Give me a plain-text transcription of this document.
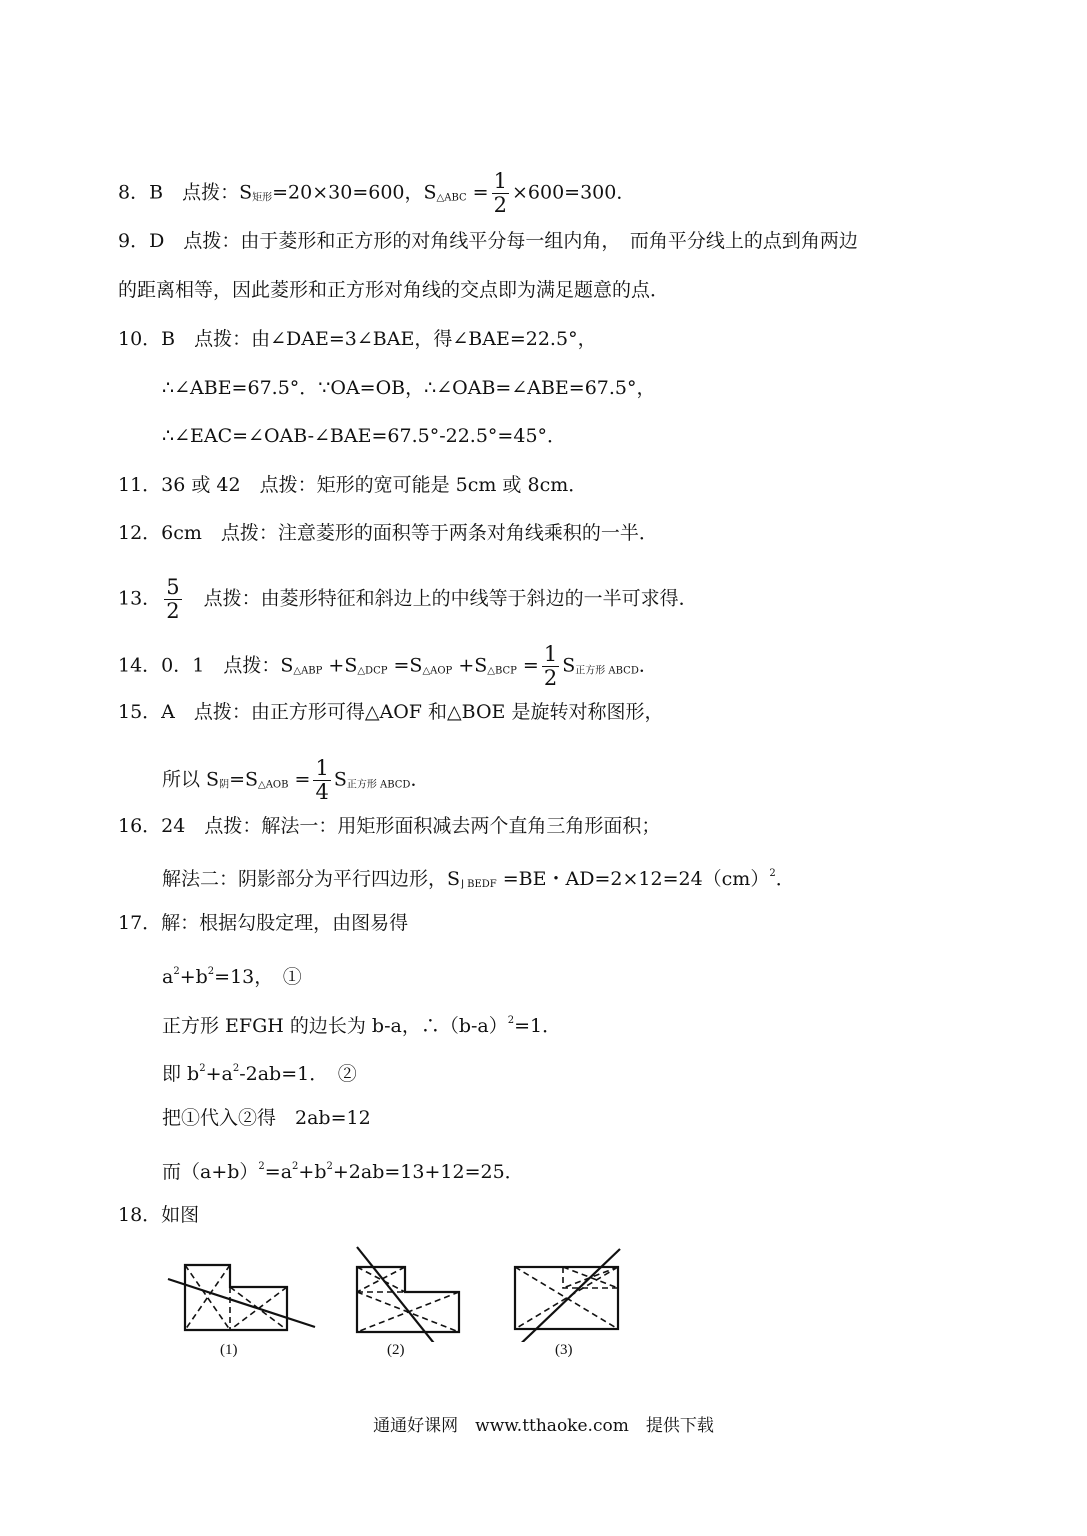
8．B　 点拨：$S_{矩形}=20\times 30=600$，$S_{\triangle ABC} = \frac{1}{2} \times 600=300$．
9．D　点拨：由于菱形和正方形的对角线平分每一组内角，　而角平分线上的点到角两边
的距离相等，因此菱形和正方形对角线的交点即为满足题意的点．
10．B　点拨：由∠DAE=3∠BAE，得∠BAE=22.5°，
∴∠ABE=67.5°．∵OA=OB，∴∠OAB=∠ABE=67.5°，
∴∠EAC=∠OAB-∠BAE=67.5°-22.5°=45°．
11．36 或 42　点拨：矩形的宽可能是 5cm 或 8cm．
12．6cm　点拨：注意菱形的面积等于两条对角线乘积的一半．
13． $\frac{5}{2}$
　 点拨：由菱形特征和斜边上的中线等于斜边的一半可求得．
14．0．1　点拨：$S_{\triangle ABP} +S_{\triangle DCP} =S_{\triangle AOP} +S_{\triangle BCP} = \frac{1}{2} S_{正方形 ABCD}$．
15．A　点拨：由正方形可得△AOF 和△BOE 是旋转对称图形，
所以 $S_阴=S_{\triangle AOB} = \frac{1}{4} S_{正方形 ABCD}$．
16．24　点拨：解法一：用矩形面积减去两个直角三角形面积；
解法二：阴影部分为平行四边形，$S_{⌋ BEDF} =BE$・AD=2×12=24（cm）$^2$．
17．解：根据勾股定理，由图易得
$a^2+b^2=13$，　①
正方形 EFGH 的边长为 b-a，$\therefore(b-a)^2=1$．
即 $b^2+a^2-2ab=1$．　②
把①代入②得　2ab=12
而$(a+b)^2=a^2+b^2+2ab=13+12=25$．
18．如图
(1)	(2)	(3)
通通好课网　www.tthaoke.com　提供下载
